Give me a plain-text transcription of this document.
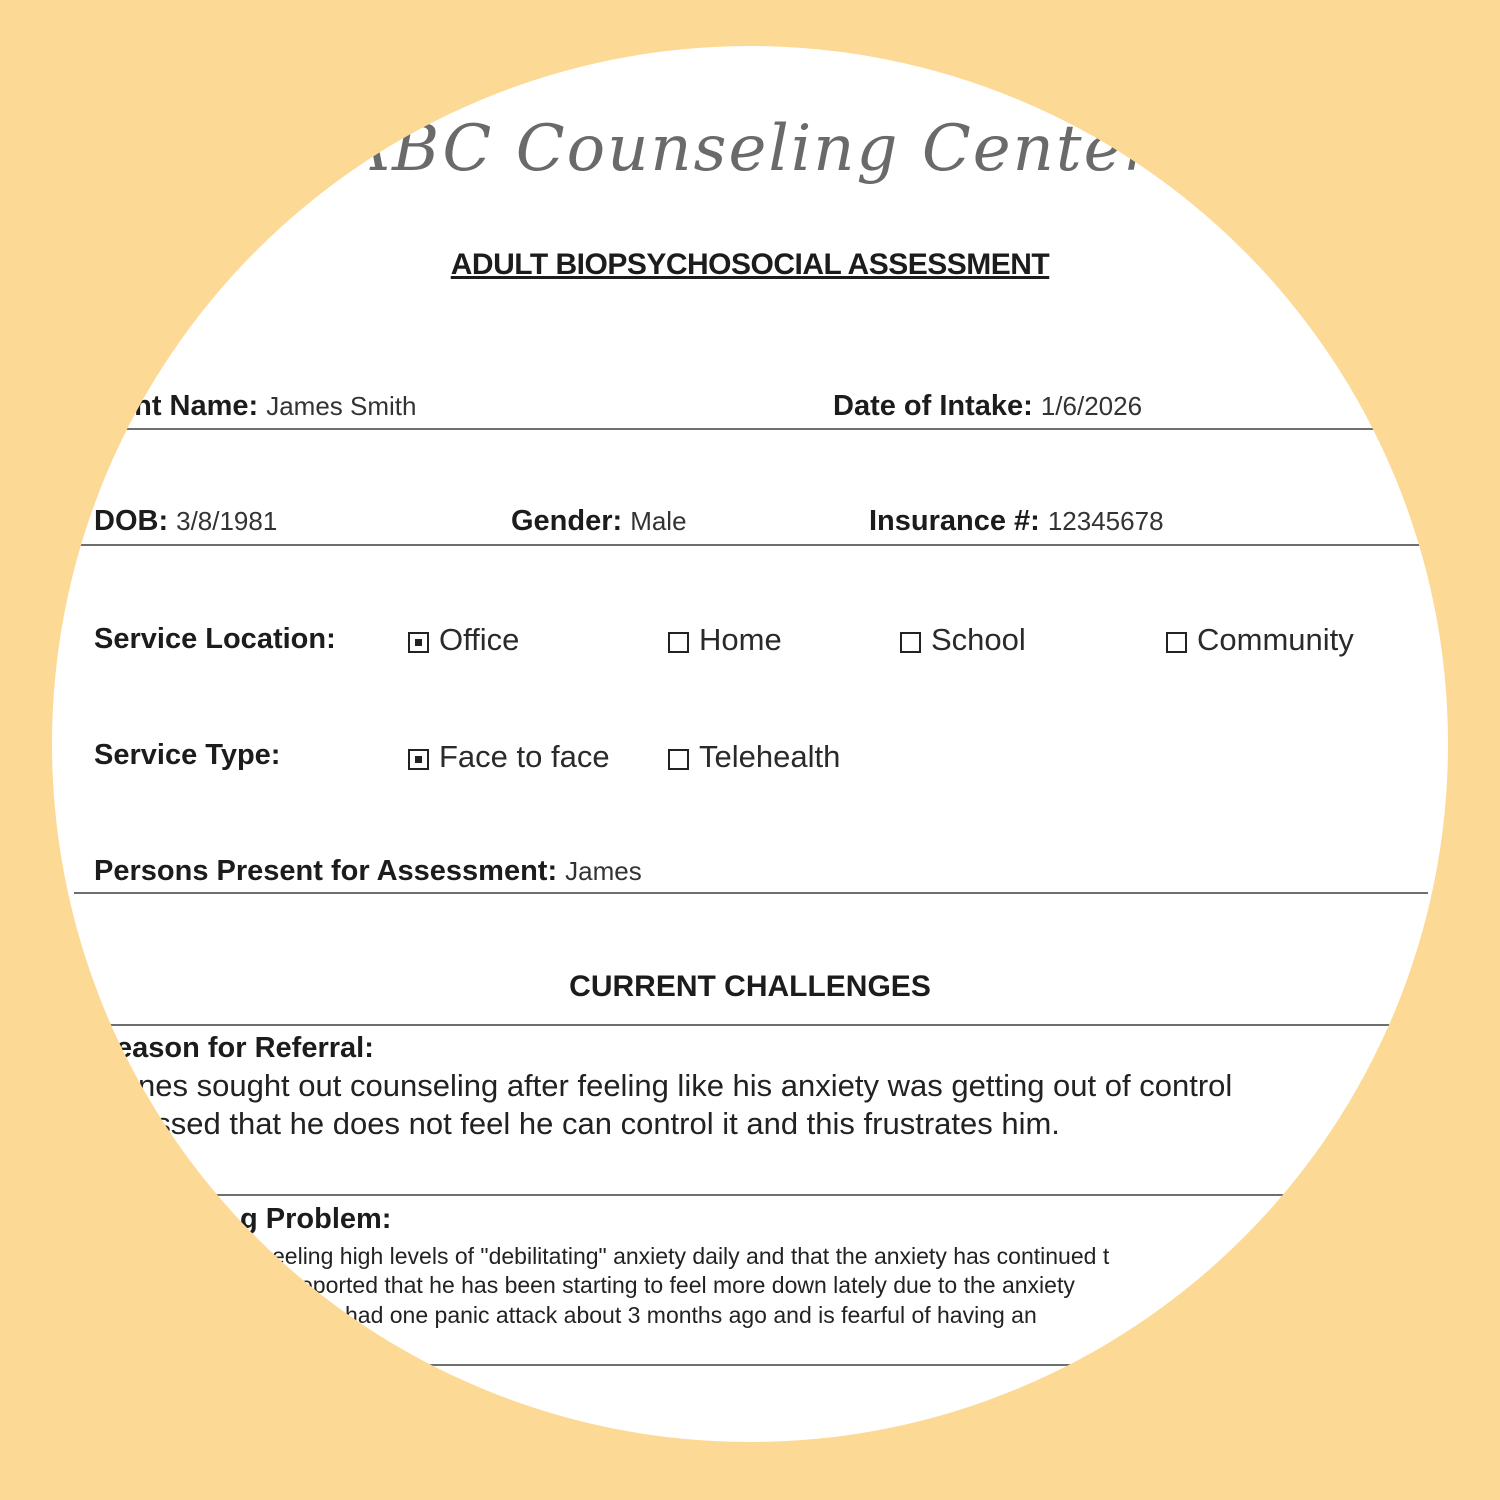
ABC Counseling Center
ADULT BIOPSYCHOSOCIAL ASSESSMENT
ent Name: James Smith	Date of Intake: 1/6/2026
DOB: 3/8/1981	Gender: Male	Insurance #: 12345678
Service Location:	Office	Home	School	Community
Service Type:	Face to face	Telehealth
Persons Present for Assessment: James
CURRENT CHALLENGES
eason for Referral:
nes sought out counseling after feeling like his anxiety was getting out of control
essed that he does not feel he can control it and this frustrates him.
g Problem:
eeling high levels of "debilitating" anxiety daily and that the anxiety has continued t
eported that he has been starting to feel more down lately due to the anxiety
had one panic attack about 3 months ago and is fearful of having an
